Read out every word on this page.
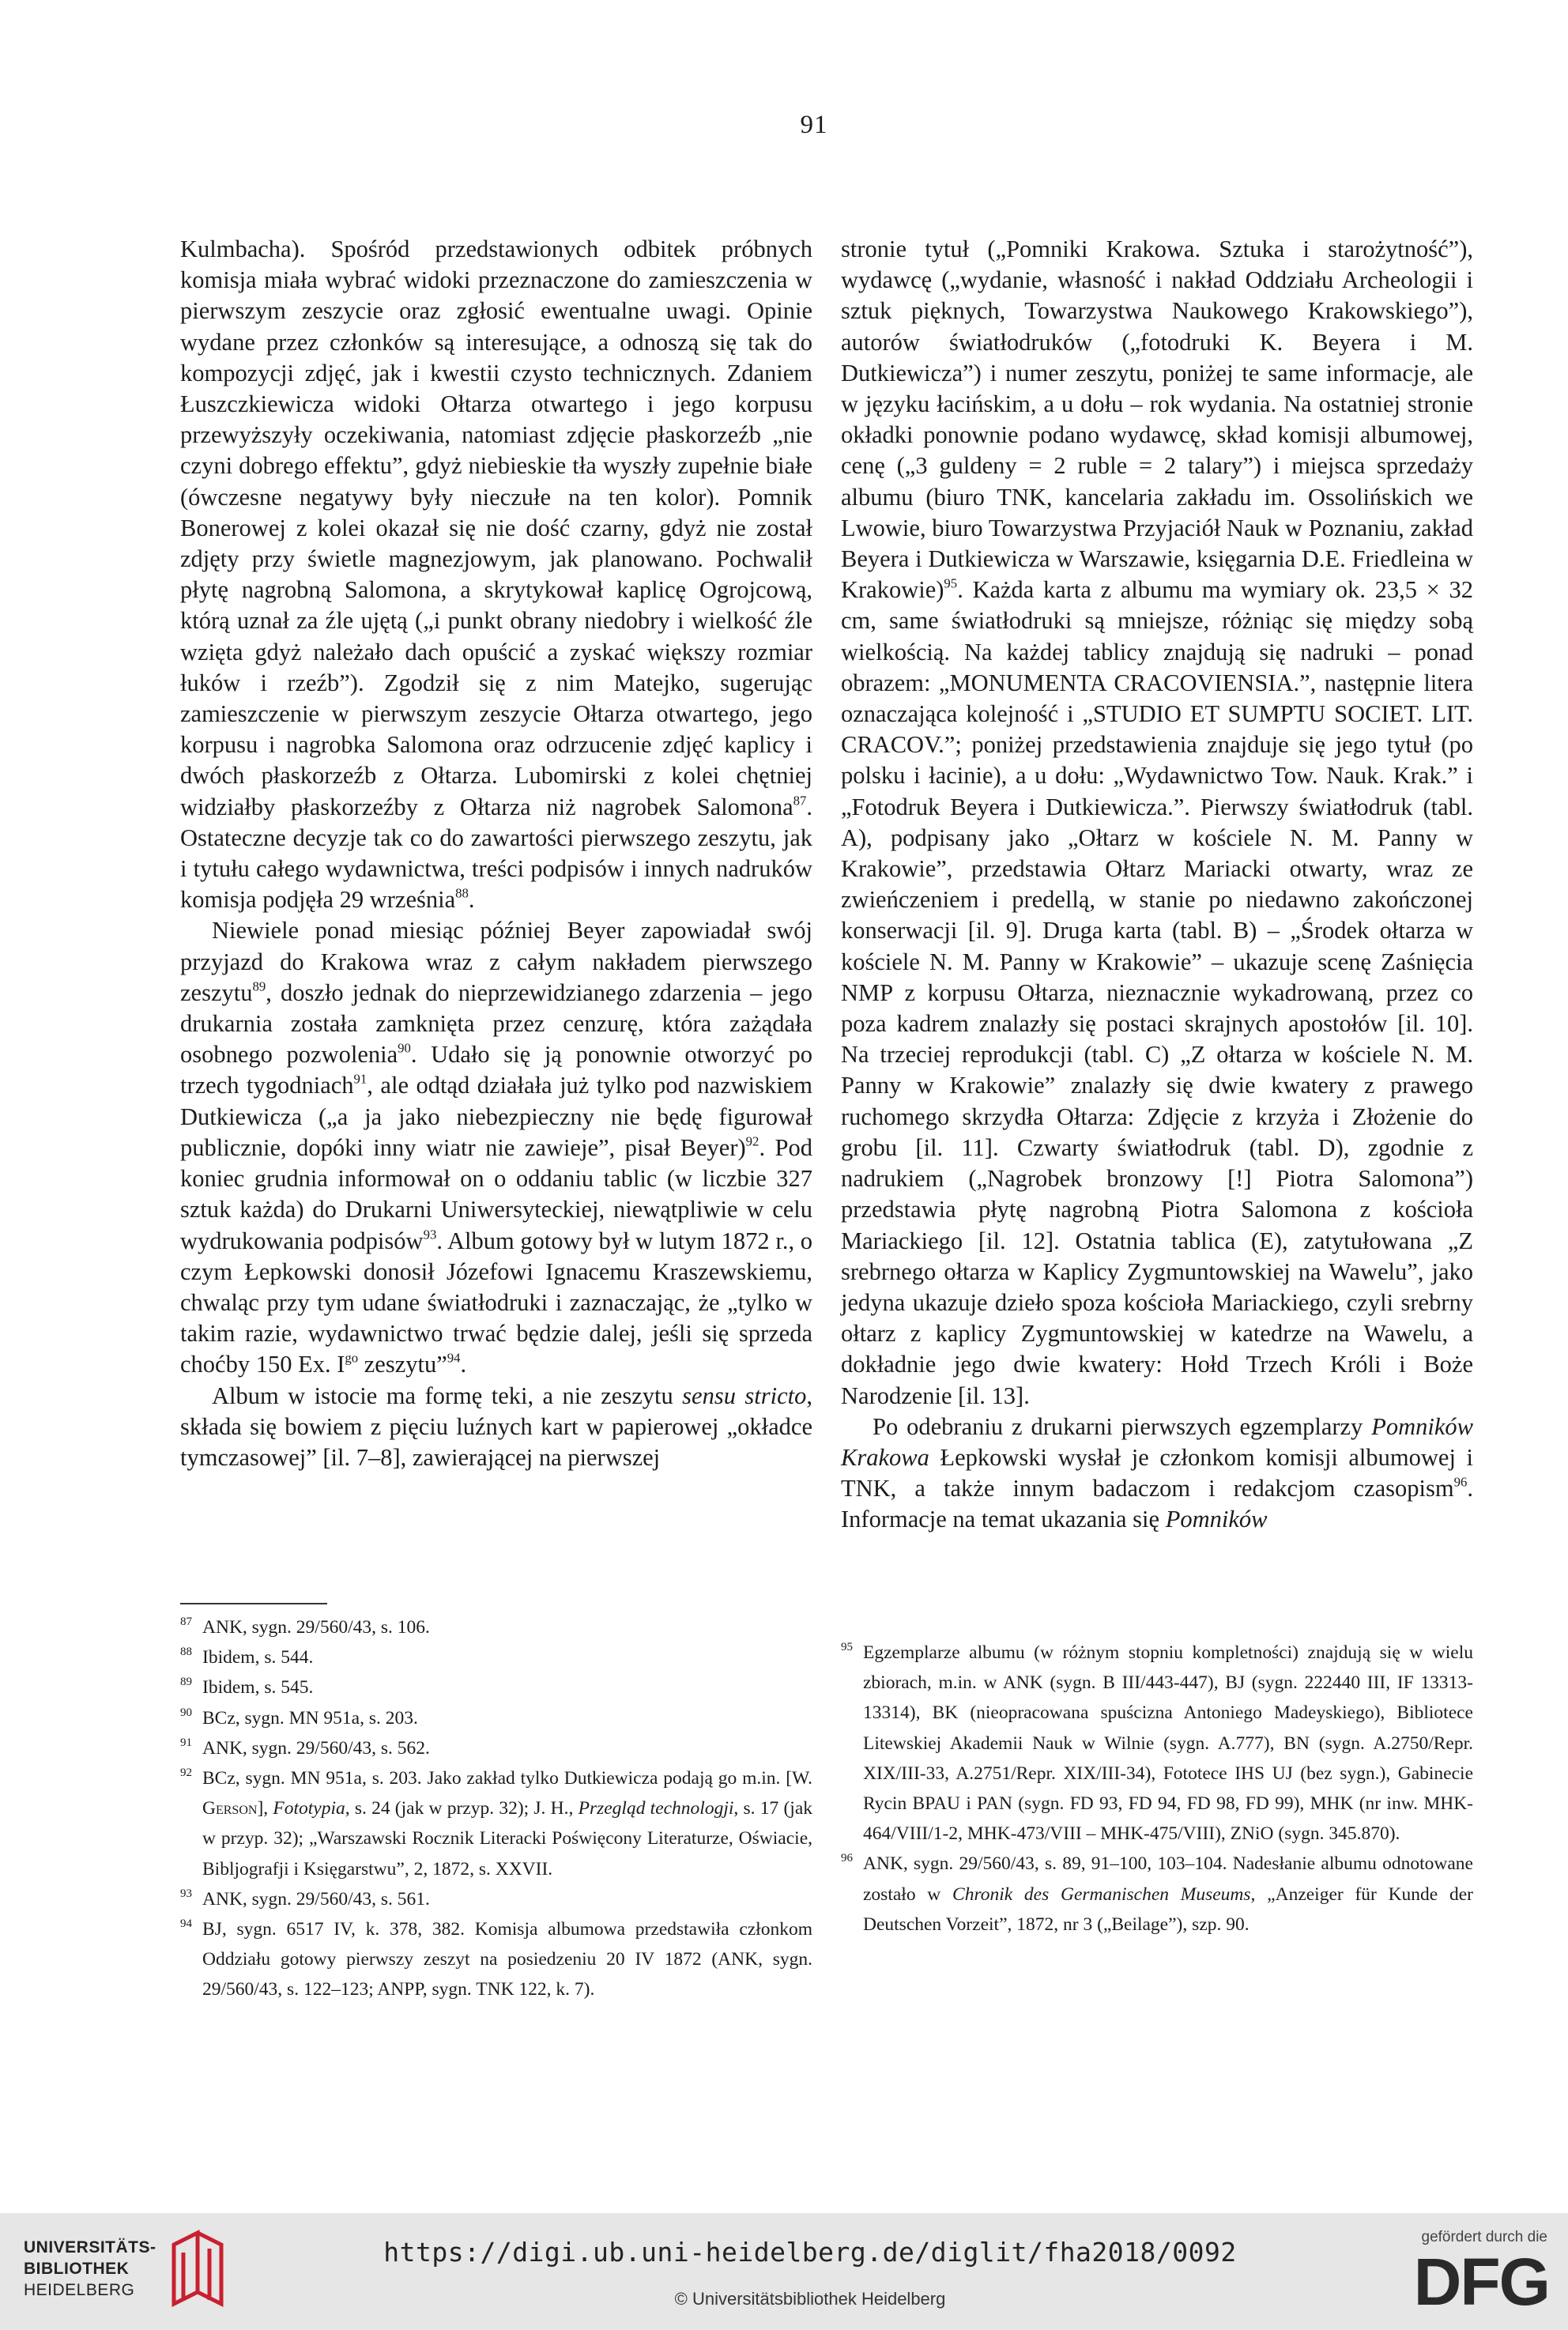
91

Kulmbacha). Spośród przedstawionych odbitek próbnych komisja miała wybrać widoki przeznaczone do zamieszczenia w pierwszym zeszycie oraz zgłosić ewentualne uwagi. Opinie wydane przez członków są interesujące, a odnoszą się tak do kompozycji zdjęć, jak i kwestii czysto technicznych. Zdaniem Łuszczkiewicza widoki Ołtarza otwartego i jego korpusu przewyższyły oczekiwania, natomiast zdjęcie płaskorzeźb „nie czyni dobrego effektu”, gdyż niebieskie tła wyszły zupełnie białe (ówczesne negatywy były nieczułe na ten kolor). Pomnik Bonerowej z kolei okazał się nie dość czarny, gdyż nie został zdjęty przy świetle magnezjowym, jak planowano. Pochwalił płytę nagrobną Salomona, a skrytykował kaplicę Ogrojcową, którą uznał za źle ujętą („i punkt obrany niedobry i wielkość źle wzięta gdyż należało dach opuścić a zyskać większy rozmiar łuków i rzeźb”). Zgodził się z nim Matejko, sugerując zamieszczenie w pierwszym zeszycie Ołtarza otwartego, jego korpusu i nagrobka Salomona oraz odrzucenie zdjęć kaplicy i dwóch płaskorzeźb z Ołtarza. Lubomirski z kolei chętniej widziałby płaskorzeźby z Ołtarza niż nagrobek Salomona$^{87}$. Ostateczne decyzje tak co do zawartości pierwszego zeszytu, jak i tytułu całego wydawnictwa, treści podpisów i innych nadruków komisja podjęła 29 września$^{88}$.

Niewiele ponad miesiąc później Beyer zapowiadał swój przyjazd do Krakowa wraz z całym nakładem pierwszego zeszytu$^{89}$, doszło jednak do nieprzewidzianego zdarzenia – jego drukarnia została zamknięta przez cenzurę, która zażądała osobnego pozwolenia$^{90}$. Udało się ją ponownie otworzyć po trzech tygodniach$^{91}$, ale odtąd działała już tylko pod nazwiskiem Dutkiewicza („a ja jako niebezpieczny nie będę figurował publicznie, dopóki inny wiatr nie zawieje”, pisał Beyer)$^{92}$. Pod koniec grudnia informował on o oddaniu tablic (w liczbie 327 sztuk każda) do Drukarni Uniwersyteckiej, niewątpliwie w celu wydrukowania podpisów$^{93}$. Album gotowy był w lutym 1872 r., o czym Łepkowski donosił Józefowi Ignacemu Kraszewskiemu, chwaląc przy tym udane światłodruki i zaznaczając, że „tylko w takim razie, wydawnictwo trwać będzie dalej, jeśli się sprzeda choćby 150 Ex. $I^{go}$ zeszytu”$^{94}$.

Album w istocie ma formę teki, a nie zeszytu sensu stricto, składa się bowiem z pięciu luźnych kart w papierowej „okładce tymczasowej” [il. 7–8], zawierającej na pierwszej

stronie tytuł („Pomniki Krakowa. Sztuka i starożytność”), wydawcę („wydanie, własność i nakład Oddziału Archeologii i sztuk pięknych, Towarzystwa Naukowego Krakowskiego”), autorów światłodruków („fotodruki K. Beyera i M. Dutkiewicza”) i numer zeszytu, poniżej te same informacje, ale w języku łacińskim, a u dołu – rok wydania. Na ostatniej stronie okładki ponownie podano wydawcę, skład komisji albumowej, cenę („3 guldeny = 2 ruble = 2 talary”) i miejsca sprzedaży albumu (biuro TNK, kancelaria zakładu im. Ossolińskich we Lwowie, biuro Towarzystwa Przyjaciół Nauk w Poznaniu, zakład Beyera i Dutkiewicza w Warszawie, księgarnia D.E. Friedleina w Krakowie)$^{95}$. Każda karta z albumu ma wymiary ok. 23,5 × 32 cm, same światłodruki są mniejsze, różniąc się między sobą wielkością. Na każdej tablicy znajdują się nadruki – ponad obrazem: „MONUMENTA CRACOVIENSIA.”, następnie litera oznaczająca kolejność i „STUDIO ET SUMPTU SOCIET. LIT. CRACOV.”; poniżej przedstawienia znajduje się jego tytuł (po polsku i łacinie), a u dołu: „Wydawnictwo Tow. Nauk. Krak.” i „Fotodruk Beyera i Dutkiewicza.”. Pierwszy światłodruk (tabl. A), podpisany jako „Ołtarz w kościele N. M. Panny w Krakowie”, przedstawia Ołtarz Mariacki otwarty, wraz ze zwieńczeniem i predellą, w stanie po niedawno zakończonej konserwacji [il. 9]. Druga karta (tabl. B) – „Środek ołtarza w kościele N. M. Panny w Krakowie” – ukazuje scenę Zaśnięcia NMP z korpusu Ołtarza, nieznacznie wykadrowaną, przez co poza kadrem znalazły się postaci skrajnych apostołów [il. 10]. Na trzeciej reprodukcji (tabl. C) „Z ołtarza w kościele N. M. Panny w Krakowie” znalazły się dwie kwatery z prawego ruchomego skrzydła Ołtarza: Zdjęcie z krzyża i Złożenie do grobu [il. 11]. Czwarty światłodruk (tabl. D), zgodnie z nadrukiem („Nagrobek bronzowy [!] Piotra Salomona”) przedstawia płytę nagrobną Piotra Salomona z kościoła Mariackiego [il. 12]. Ostatnia tablica (E), zatytułowana „Z srebrnego ołtarza w Kaplicy Zygmuntowskiej na Wawelu”, jako jedyna ukazuje dzieło spoza kościoła Mariackiego, czyli srebrny ołtarz z kaplicy Zygmuntowskiej w katedrze na Wawelu, a dokładnie jego dwie kwatery: Hołd Trzech Króli i Boże Narodzenie [il. 13].

Po odebraniu z drukarni pierwszych egzemplarzy Pomników Krakowa Łepkowski wysłał je członkom komisji albumowej i TNK, a także innym badaczom i redakcjom czasopism$^{96}$. Informacje na temat ukazania się Pomników

87 ANK, sygn. 29/560/43, s. 106.
88 Ibidem, s. 544.
89 Ibidem, s. 545.
90 BCz, sygn. MN 951a, s. 203.
91 ANK, sygn. 29/560/43, s. 562.
92 BCz, sygn. MN 951a, s. 203. Jako zakład tylko Dutkiewicza podają go m.in. [W. Gerson], Fototypia, s. 24 (jak w przyp. 32); J. H., Przegląd technologji, s. 17 (jak w przyp. 32); „Warszawski Rocznik Literacki Poświęcony Literaturze, Oświacie, Bibljografji i Księgarstwu”, 2, 1872, s. XXVII.
93 ANK, sygn. 29/560/43, s. 561.
94 BJ, sygn. 6517 IV, k. 378, 382. Komisja albumowa przedstawiła członkom Oddziału gotowy pierwszy zeszyt na posiedzeniu 20 IV 1872 (ANK, sygn. 29/560/43, s. 122–123; ANPP, sygn. TNK 122, k. 7).
95 Egzemplarze albumu (w różnym stopniu kompletności) znajdują się w wielu zbiorach, m.in. w ANK (sygn. B III/443-447), BJ (sygn. 222440 III, IF 13313-13314), BK (nieopracowana spuścizna Antoniego Madeyskiego), Bibliotece Litewskiej Akademii Nauk w Wilnie (sygn. A.777), BN (sygn. A.2750/Repr. XIX/III-33, A.2751/Repr. XIX/III-34), Fototece IHS UJ (bez sygn.), Gabinecie Rycin BPAU i PAN (sygn. FD 93, FD 94, FD 98, FD 99), MHK (nr inw. MHK-464/VIII/1-2, MHK-473/VIII – MHK-475/VIII), ZNiO (sygn. 345.870).
96 ANK, sygn. 29/560/43, s. 89, 91–100, 103–104. Nadesłanie albumu odnotowane zostało w Chronik des Germanischen Museums, „Anzeiger für Kunde der Deutschen Vorzeit”, 1872, nr 3 („Beilage”), szp. 90.
UNIVERSITÄTS-
BIBLIOTHEK
HEIDELBERG
https://digi.ub.uni-heidelberg.de/diglit/fha2018/0092
© Universitätsbibliothek Heidelberg
gefördert durch die
DFG
